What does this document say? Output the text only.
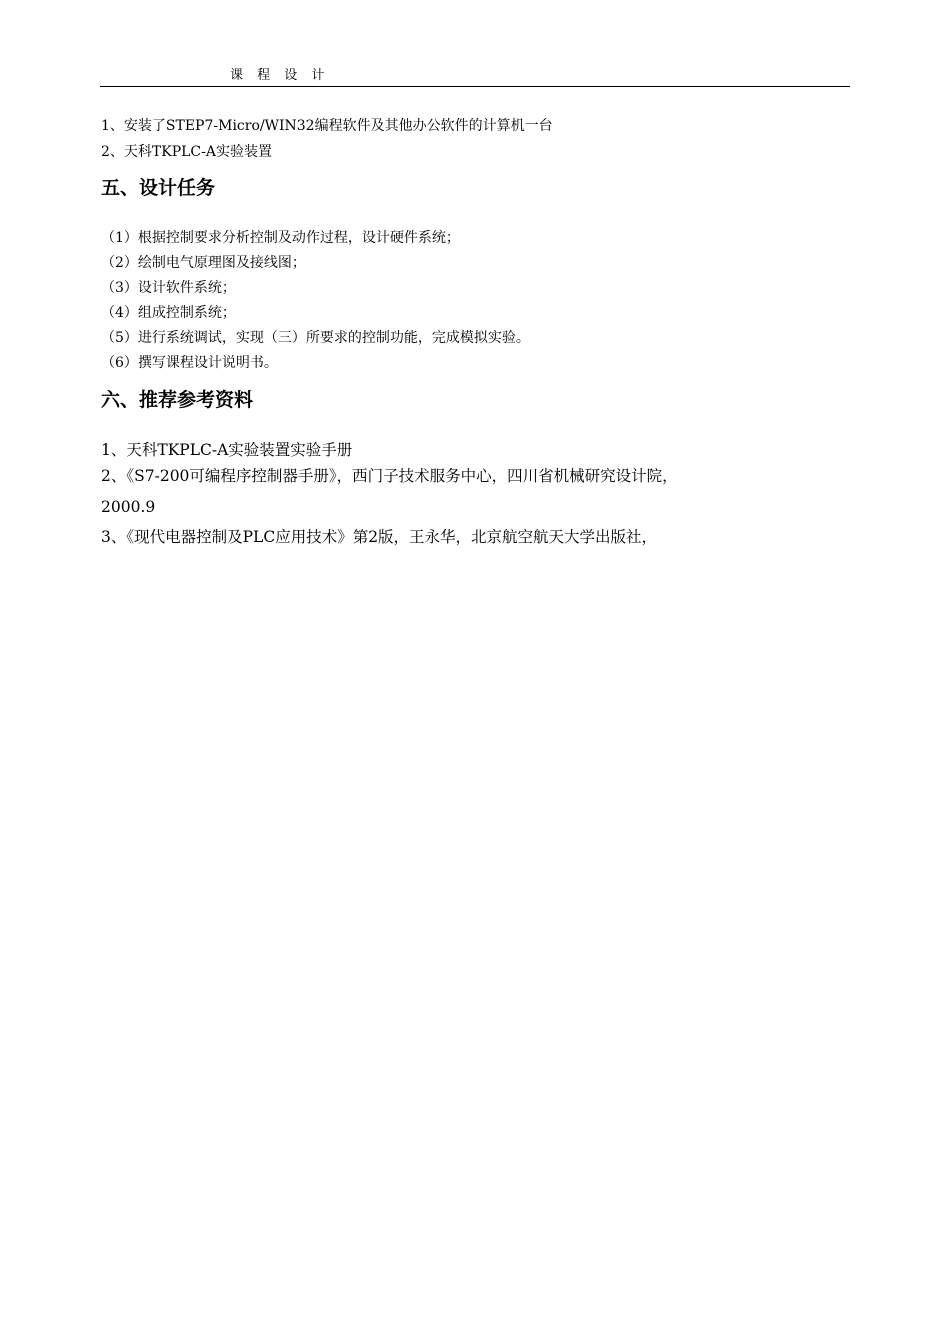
课 程 设 计
1、安装了STEP7-Micro/WIN32编程软件及其他办公软件的计算机一台
2、天科TKPLC-A实验装置
五、设计任务
（1）根据控制要求分析控制及动作过程，设计硬件系统；
（2）绘制电气原理图及接线图；
（3）设计软件系统；
（4）组成控制系统；
（5）进行系统调试，实现（三）所要求的控制功能，完成模拟实验。
（6）撰写课程设计说明书。
六、推荐参考资料
1、天科TKPLC-A实验装置实验手册
2、《S7-200可编程序控制器手册》，西门子技术服务中心，四川省机械研究设计院，
2000.9
3、《现代电器控制及PLC应用技术》第2版，王永华，北京航空航天大学出版社，
